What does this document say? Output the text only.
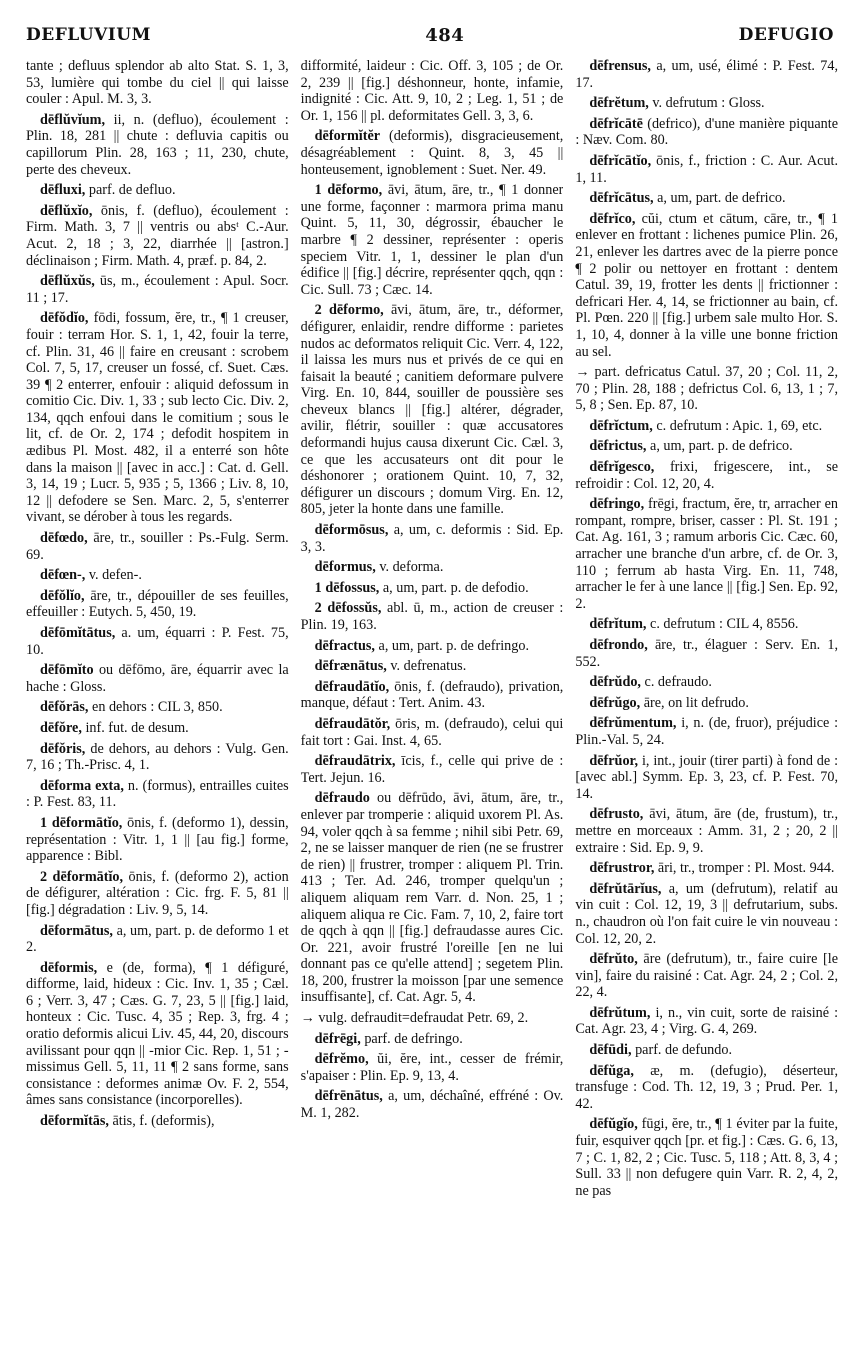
DEFLUVIUM	484	DEFUGIO

tante ; defluus splendor ab alto Stat. S. 1, 3, 53, lumière qui tombe du ciel || qui laisse couler : Apul. M. 3, 3.

dēflŭvĭum, ii, n. (defluo), écoulement : Plin. 18, 281 || chute : defluvia capitis ou capillorum Plin. 28, 163 ; 11, 230, chute, perte des cheveux.

dēfluxi, parf. de defluo.

dēflŭxĭo, ōnis, f. (defluo), écoulement : Firm. Math. 3, 7 || ventris ou absᵗ C.-Aur. Acut. 2, 18 ; 3, 22, diarrhée || [astron.] déclinaison ; Firm. Math. 4, præf. p. 84, 2.

dēflŭxŭs, ūs, m., écoulement : Apul. Socr. 11 ; 17.

dēfŏdĭo, fōdi, fossum, ĕre, tr., ¶ 1 creuser, fouir : terram Hor. S. 1, 1, 42, fouir la terre, cf. Plin. 31, 46 || faire en creusant : scrobem Col. 7, 5, 17, creuser un fossé, cf. Suet. Cæs. 39 ¶ 2 enterrer, enfouir : aliquid defossum in comitio Cic. Div. 1, 33 ; sub lecto Cic. Div. 2, 134, qqch enfoui dans le comitium ; sous le lit, cf. de Or. 2, 174 ; defodit hospitem in ædibus Pl. Most. 482, il a enterré son hôte dans la maison || [avec in acc.] : Cat. d. Gell. 3, 14, 19 ; Lucr. 5, 935 ; 5, 1366 ; Liv. 8, 10, 12 || defodere se Sen. Marc. 2, 5, s'enterrer vivant, se dérober à tous les regards.

dēfœdo, āre, tr., souiller : Ps.-Fulg. Serm. 69.

dēfœn-, v. defen-.

dēfŏlĭo, āre, tr., dépouiller de ses feuilles, effeuiller : Eutych. 5, 450, 19.

dēfōmĭtātus, a. um, équarri : P. Fest. 75, 10.

dēfōmĭto ou dēfōmo, āre, équarrir avec la hache : Gloss.

dēfŏrās, en dehors : CIL 3, 850.

dēfŏre, inf. fut. de desum.

dēfŏris, de dehors, au dehors : Vulg. Gen. 7, 16 ; Th.-Prisc. 4, 1.

dēforma exta, n. (formus), entrailles cuites : P. Fest. 83, 11.

1 dēformātĭo, ōnis, f. (deformo 1), dessin, représentation : Vitr. 1, 1 || [au fig.] forme, apparence : Bibl.

2 dēformātĭo, ōnis, f. (deformo 2), action de défigurer, altération : Cic. frg. F. 5, 81 || [fig.] dégradation : Liv. 9, 5, 14.

dēformātus, a, um, part. p. de deformo 1 et 2.

dēformis, e (de, forma), ¶ 1 défiguré, difforme, laid, hideux : Cic. Inv. 1, 35 ; Cæl. 6 ; Verr. 3, 47 ; Cæs. G. 7, 23, 5 || [fig.] laid, honteux : Cic. Tusc. 4, 35 ; Rep. 3, frg. 4 ; oratio deformis alicui Liv. 45, 44, 20, discours avilissant pour qqn || -mior Cic. Rep. 1, 51 ; -missimus Gell. 5, 11, 11 ¶ 2 sans forme, sans consistance : deformes animæ Ov. F. 2, 554, âmes sans consistance (incorporelles).

dēformĭtās, ātis, f. (deformis),

difformité, laideur : Cic. Off. 3, 105 ; de Or. 2, 239 || [fig.] déshonneur, honte, infamie, indignité : Cic. Att. 9, 10, 2 ; Leg. 1, 51 ; de Or. 1, 156 || pl. deformitates Gell. 3, 3, 6.

dēformĭtĕr (deformis), disgracieusement, désagréablement : Quint. 8, 3, 45 || honteusement, ignoblement : Suet. Ner. 49.

1 dēformo, āvi, ātum, āre, tr., ¶ 1 donner une forme, façonner : marmora prima manu Quint. 5, 11, 30, dégrossir, ébaucher le marbre ¶ 2 dessiner, représenter : operis speciem Vitr. 1, 1, dessiner le plan d'un édifice || [fig.] décrire, représenter qqch, qqn : Cic. Sull. 73 ; Cæc. 14.

2 dēformo, āvi, ātum, āre, tr., déformer, défigurer, enlaidir, rendre difforme : parietes nudos ac deformatos reliquit Cic. Verr. 4, 122, il laissa les murs nus et privés de ce qui en faisait la beauté ; canitiem deformare pulvere Virg. En. 10, 844, souiller de poussière ses cheveux blancs || [fig.] altérer, dégrader, avilir, flétrir, souiller : quæ accusatores deformandi hujus causa dixerunt Cic. Cæl. 3, ce que les accusateurs ont dit pour le déshonorer ; orationem Quint. 10, 7, 32, défigurer un discours ; domum Virg. En. 12, 805, jeter la honte dans une famille.

dēformōsus, a, um, c. deformis : Sid. Ep. 3, 3.

dēformus, v. deforma.

1 dēfossus, a, um, part. p. de defodio.

2 dēfossŭs, abl. ū, m., action de creuser : Plin. 19, 163.

dēfractus, a, um, part. p. de defringo.

dēfrænātus, v. defrenatus.

dēfraudātĭo, ōnis, f. (defraudo), privation, manque, défaut : Tert. Anim. 43.

dēfraudātŏr, ōris, m. (defraudo), celui qui fait tort : Gai. Inst. 4, 65.

dēfraudātrix, īcis, f., celle qui prive de : Tert. Jejun. 16.

dēfraudo ou dēfrūdo, āvi, ātum, āre, tr., enlever par tromperie : aliquid uxorem Pl. As. 94, voler qqch à sa femme ; nihil sibi Petr. 69, 2, ne se laisser manquer de rien (ne se frustrer de rien) || frustrer, tromper : aliquem Pl. Trin. 413 ; Ter. Ad. 246, tromper quelqu'un ; aliquem aliquam rem Varr. d. Non. 25, 1 ; aliquem aliqua re Cic. Fam. 7, 10, 2, faire tort de qqch à qqn || [fig.] defraudasse aures Cic. Or. 221, avoir frustré l'oreille [en ne lui donnant pas ce qu'elle attend] ; segetem Plin. 18, 200, frustrer la moisson [par une semence insuffisante], cf. Cat. Agr. 5, 4.

→ vulg. defraudit=defraudat Petr. 69, 2.

dēfrēgi, parf. de defringo.

dēfrĕmo, ŭi, ĕre, int., cesser de frémir, s'apaiser : Plin. Ep. 9, 13, 4.

dēfrēnātus, a, um, déchaîné, effréné : Ov. M. 1, 282.

dēfrensus, a, um, usé, élimé : P. Fest. 74, 17.

dēfrĕtum, v. defrutum : Gloss.

dēfrĭcātē (defrico), d'une manière piquante : Næv. Com. 80.

dēfrĭcātĭo, ōnis, f., friction : C. Aur. Acut. 1, 11.

dēfrĭcātus, a, um, part. de defrico.

dēfrĭco, cŭi, ctum et cātum, cāre, tr., ¶ 1 enlever en frottant : lichenes pumice Plin. 26, 21, enlever les dartres avec de la pierre ponce ¶ 2 polir ou nettoyer en frottant : dentem Catul. 39, 19, frotter les dents || frictionner : defricari Her. 4, 14, se frictionner au bain, cf. Pl. Pœn. 220 || [fig.] urbem sale multo Hor. S. 1, 10, 4, donner à la ville une bonne friction au sel.

→ part. defricatus Catul. 37, 20 ; Col. 11, 2, 70 ; Plin. 28, 188 ; defrictus Col. 6, 13, 1 ; 7, 5, 8 ; Sen. Ep. 87, 10.

dēfrĭctum, c. defrutum : Apic. 1, 69, etc.

dēfrictus, a, um, part. p. de defrico.

dēfrĭgesco, frixi, frigescere, int., se refroidir : Col. 12, 20, 4.

dēfringo, frēgi, fractum, ĕre, tr, arracher en rompant, rompre, briser, casser : Pl. St. 191 ; Cat. Ag. 161, 3 ; ramum arboris Cic. Cæc. 60, arracher une branche d'un arbre, cf. de Or. 3, 110 ; ferrum ab hasta Virg. En. 11, 748, arracher le fer à une lance || [fig.] Sen. Ep. 92, 2.

dēfrĭtum, c. defrutum : CIL 4, 8556.

dēfrondo, āre, tr., élaguer : Serv. En. 1, 552.

dēfrŭdo, c. defraudo.

dēfrŭgo, āre, on lit defrudo.

dēfrŭmentum, i, n. (de, fruor), préjudice : Plin.-Val. 5, 24.

dēfrŭor, i, int., jouir (tirer parti) à fond de : [avec abl.] Symm. Ep. 3, 23, cf. P. Fest. 70, 14.

dēfrusto, āvi, ātum, āre (de, frustum), tr., mettre en morceaux : Amm. 31, 2 ; 20, 2 || extraire : Sid. Ep. 9, 9.

dēfrustror, āri, tr., tromper : Pl. Most. 944.

dēfrŭtārĭus, a, um (defrutum), relatif au vin cuit : Col. 12, 19, 3 || defrutarium, subs. n., chaudron où l'on fait cuire le vin nouveau : Col. 12, 20, 2.

dēfrŭto, āre (defrutum), tr., faire cuire [le vin], faire du raisiné : Cat. Agr. 24, 2 ; Col. 2, 22, 4.

dēfrŭtum, i, n., vin cuit, sorte de raisiné : Cat. Agr. 23, 4 ; Virg. G. 4, 269.

dēfūdi, parf. de defundo.

dēfŭga, æ, m. (defugio), déserteur, transfuge : Cod. Th. 12, 19, 3 ; Prud. Per. 1, 42.

dēfŭgĭo, fūgi, ĕre, tr., ¶ 1 éviter par la fuite, fuir, esquiver qqch [pr. et fig.] : Cæs. G. 6, 13, 7 ; C. 1, 82, 2 ; Cic. Tusc. 5, 118 ; Att. 8, 3, 4 ; Sull. 33 || non defugere quin Varr. R. 2, 4, 2, ne pas
